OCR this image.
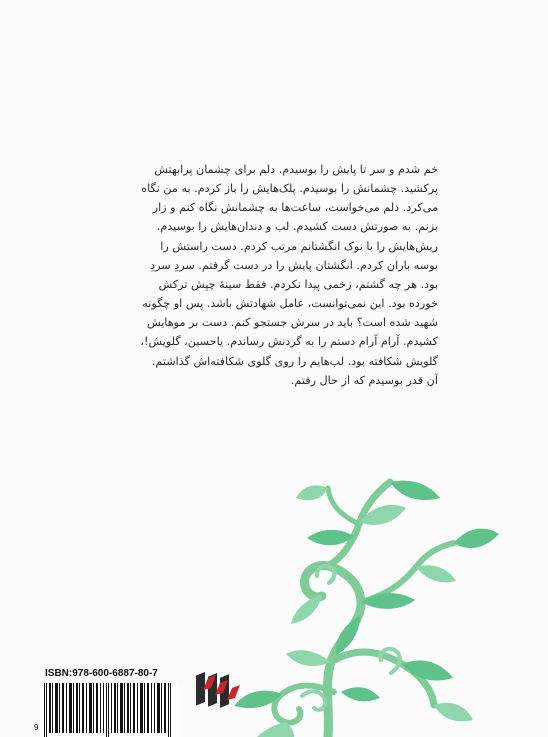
خم شدم و سر تا پایش را بوسیدم. دلم برای چشمان پرابهتش
پرکشید. چشمانش را بوسیدم. پلک‌هایش را باز کردم. به من نگاه
می‌کرد. دلم می‌خواست، ساعت‌ها به چشمانش نگاه کنم و زار
بزنم. به صورتش دست کشیدم. لب و دندان‌هایش را بوسیدم.
ریش‌هایش را با نوک انگشتانم مرتب کردم. دست راستش را
بوسه باران کردم. انگشتان پایش را در دست گرفتم. سردِ سردِ
بود. هر چه گشتم، زخمی پیدا نکردم. فقط سینهٔ چپش ترکش
خورده بود. این نمی‌توانست، عامل شهادتش باشد. پس او چگونه
شهید شده است؟ باید در سرش جستجو کنم. دست بر موهایش
کشیدم. آرام آرام دستم را به گردنش رساندم. یاحسین، گلویش!،
گلویش شکافته بود. لب‌هایم را روی گلوی شکافته‌اش گذاشتم.
آن قدر بوسیدم که از حال رفتم.
ISBN:978-600-6887-80-7
9
